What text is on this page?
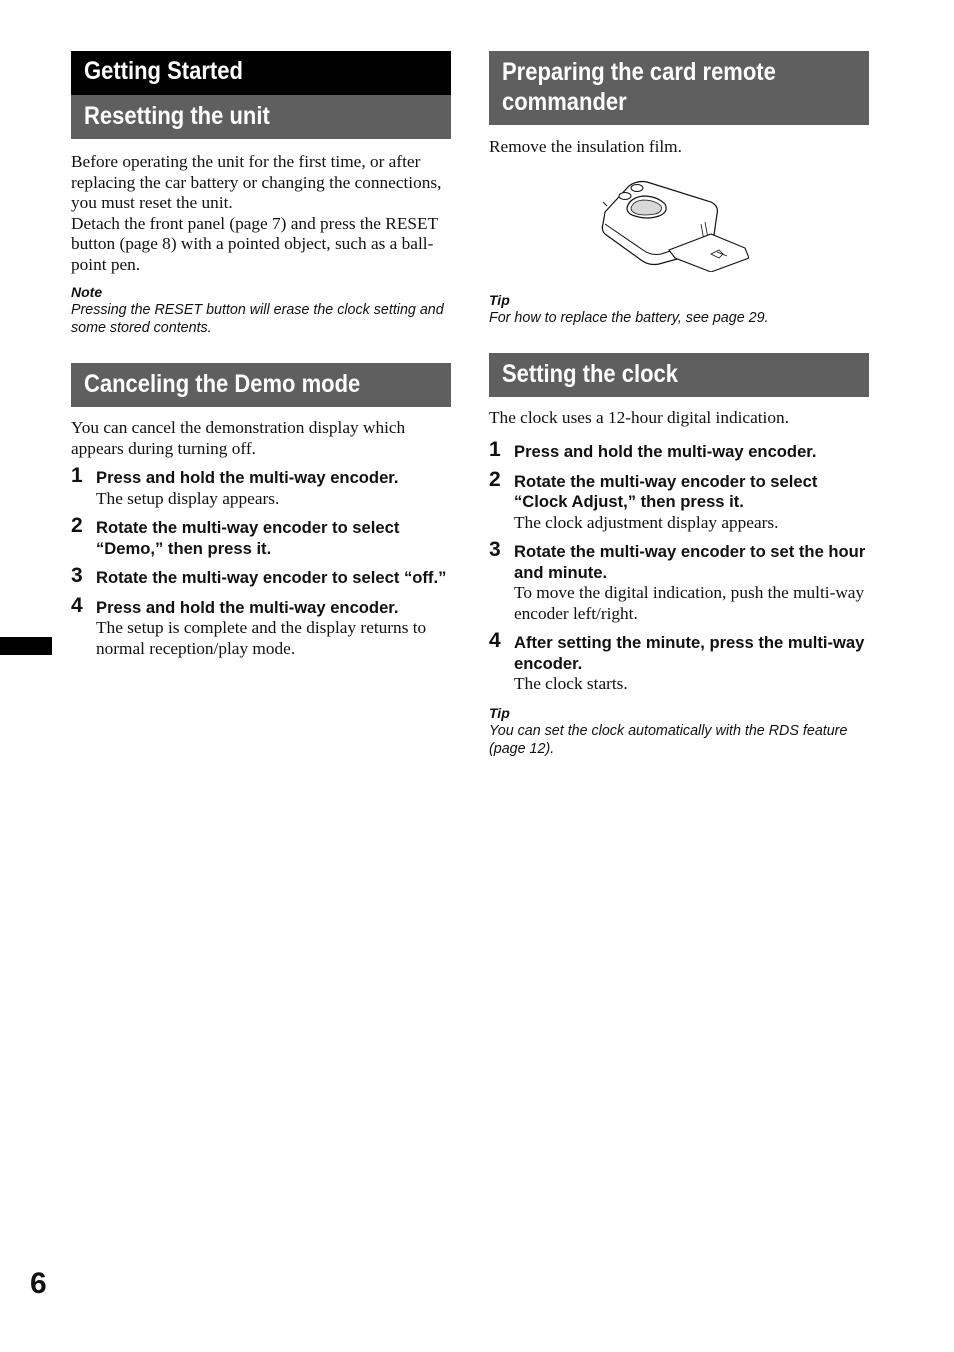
Getting Started
Resetting the unit

Before operating the unit for the first time, or after replacing the car battery or changing the connections, you must reset the unit.

Detach the front panel (page 7) and press the RESET button (page 8) with a pointed object, such as a ball-point pen.

Note
Pressing the RESET button will erase the clock setting and some stored contents.
Canceling the Demo mode

You can cancel the demonstration display which appears during turning off.

1 Press and hold the multi-way encoder.
The setup display appears.
2 Rotate the multi-way encoder to select “Demo,” then press it.
3 Rotate the multi-way encoder to select “off.”
4 Press and hold the multi-way encoder.
The setup is complete and the display returns to normal reception/play mode.
Preparing the card remote commander

Remove the insulation film.

Tip
For how to replace the battery, see page 29.
Setting the clock

The clock uses a 12-hour digital indication.

1 Press and hold the multi-way encoder.
2 Rotate the multi-way encoder to select “Clock Adjust,” then press it.
The clock adjustment display appears.
3 Rotate the multi-way encoder to set the hour and minute.
To move the digital indication, push the multi-way encoder left/right.
4 After setting the minute, press the multi-way encoder.
The clock starts.
Tip
You can set the clock automatically with the RDS feature (page 12).
6
